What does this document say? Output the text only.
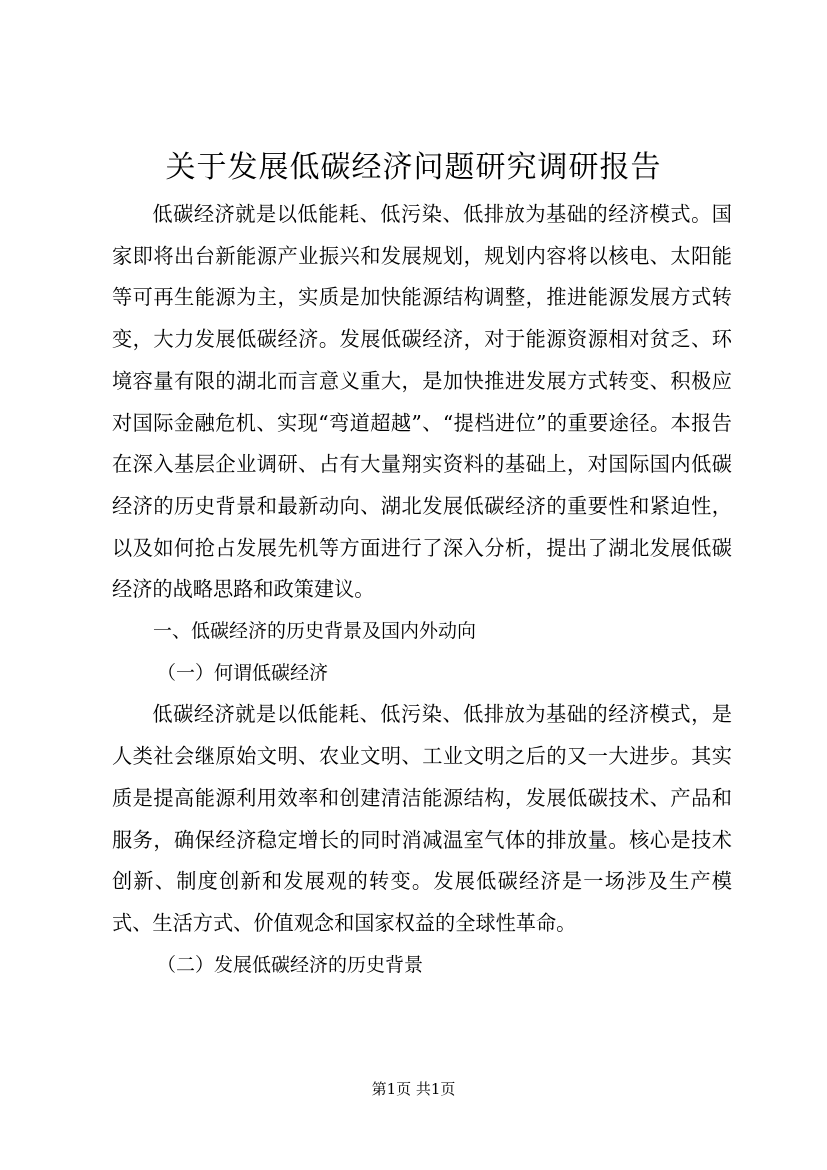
关于发展低碳经济问题研究调研报告

低碳经济就是以低能耗、低污染、低排放为基础的经济模式。国家即将出台新能源产业振兴和发展规划，规划内容将以核电、太阳能等可再生能源为主，实质是加快能源结构调整，推进能源发展方式转变，大力发展低碳经济。发展低碳经济，对于能源资源相对贫乏、环境容量有限的湖北而言意义重大，是加快推进发展方式转变、积极应对国际金融危机、实现“弯道超越”、“提档进位”的重要途径。本报告在深入基层企业调研、占有大量翔实资料的基础上，对国际国内低碳经济的历史背景和最新动向、湖北发展低碳经济的重要性和紧迫性，以及如何抢占发展先机等方面进行了深入分析，提出了湖北发展低碳经济的战略思路和政策建议。

一、低碳经济的历史背景及国内外动向

（一）何谓低碳经济

低碳经济就是以低能耗、低污染、低排放为基础的经济模式，是人类社会继原始文明、农业文明、工业文明之后的又一大进步。其实质是提高能源利用效率和创建清洁能源结构，发展低碳技术、产品和服务，确保经济稳定增长的同时消减温室气体的排放量。核心是技术创新、制度创新和发展观的转变。发展低碳经济是一场涉及生产模式、生活方式、价值观念和国家权益的全球性革命。

（二）发展低碳经济的历史背景

第1页 共1页
